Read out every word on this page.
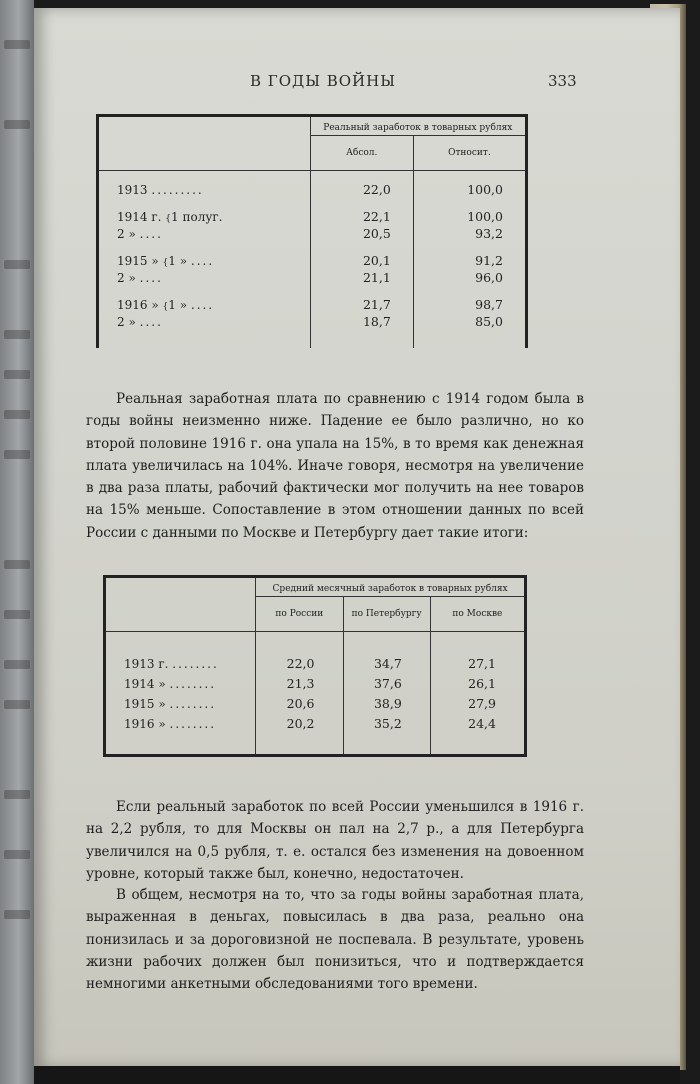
В ГОДЫ ВОЙНЫ	333
	Реальный заработок в товарных рублях	
	Абсол.	Относит.

1913 .........	22,0	100,0

1914 г. {1 полуг.	22,1	100,0
2 » ....	20,5	93,2

1915 » {1 » ....	20,1	91,2
2 » ....	21,1	96,0

1916 » {1 » ....	21,7	98,7
2 » ....	18,7	85,0

Реальная заработная плата по сравнению с 1914 годом была в годы войны неизменно ниже. Падение ее было различно, но ко второй половине 1916 г. она упала на 15%, в то время как денежная плата увеличилась на 104%. Иначе говоря, несмотря на увеличение в два раза платы, рабочий фактически мог получить на нее товаров на 15% меньше. Сопоставление в этом отношении данных по всей России с данными по Москве и Петербургу дает такие итоги:
	Средний месячный заработок в товарных рублях		
	по России	по Петербургу	по Москве

1913 г. ........	22,0	34,7	27,1
1914 » ........	21,3	37,6	26,1
1915 » ........	20,6	38,9	27,9
1916 » ........	20,2	35,2	24,4

Если реальный заработок по всей России уменьшился в 1916 г. на 2,2 рубля, то для Москвы он пал на 2,7 р., а для Петербурга увеличился на 0,5 рубля, т. е. остался без изменения на довоенном уровне, который также был, конечно, недостаточен.
В общем, несмотря на то, что за годы войны заработная плата, выраженная в деньгах, повысилась в два раза, реально она понизилась и за дороговизной не поспевала. В результате, уровень жизни рабочих должен был понизиться, что и подтверждается немногими анкетными обследованиями того времени.
